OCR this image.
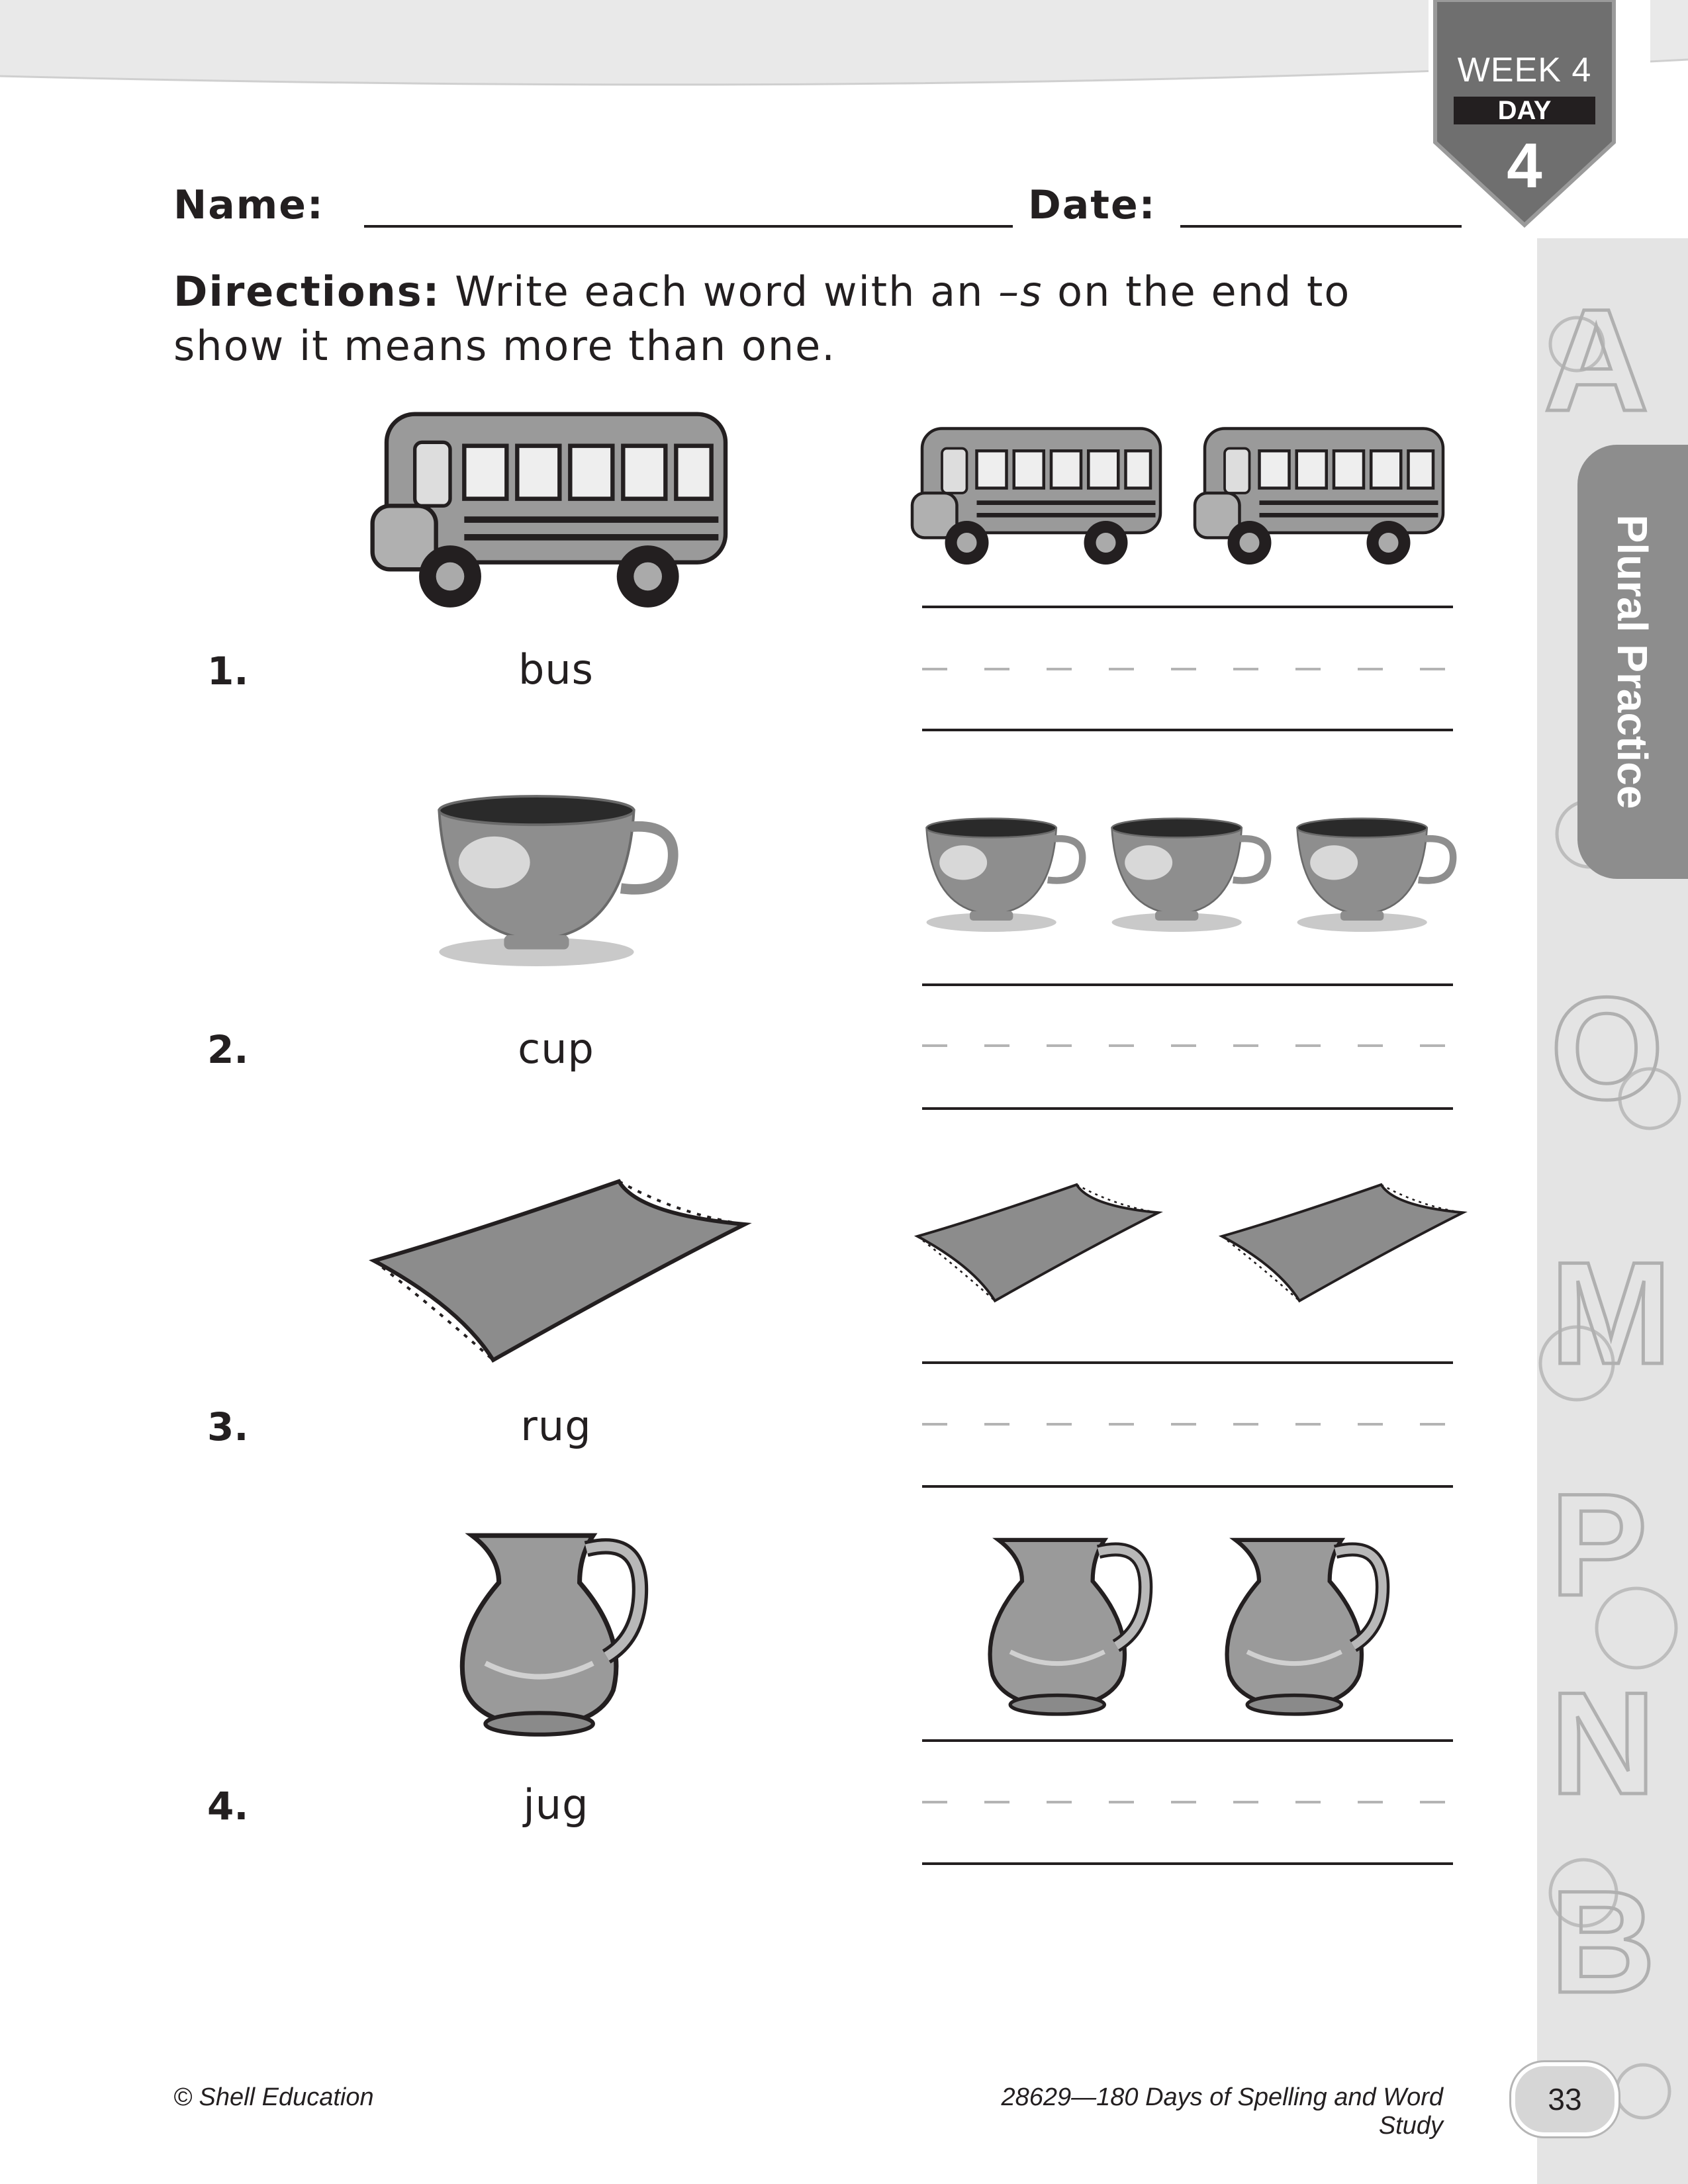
A
O
M
P
N
B
WEEK 4
DAY
4
Plural Practice
Name:	Date:
Directions: Write each word with an –s on the end to show it means more than one.
1.	bus
2.	cup
3.	rug
4.	jug
© Shell Education	28629—180 Days of Spelling and Word Study
33
